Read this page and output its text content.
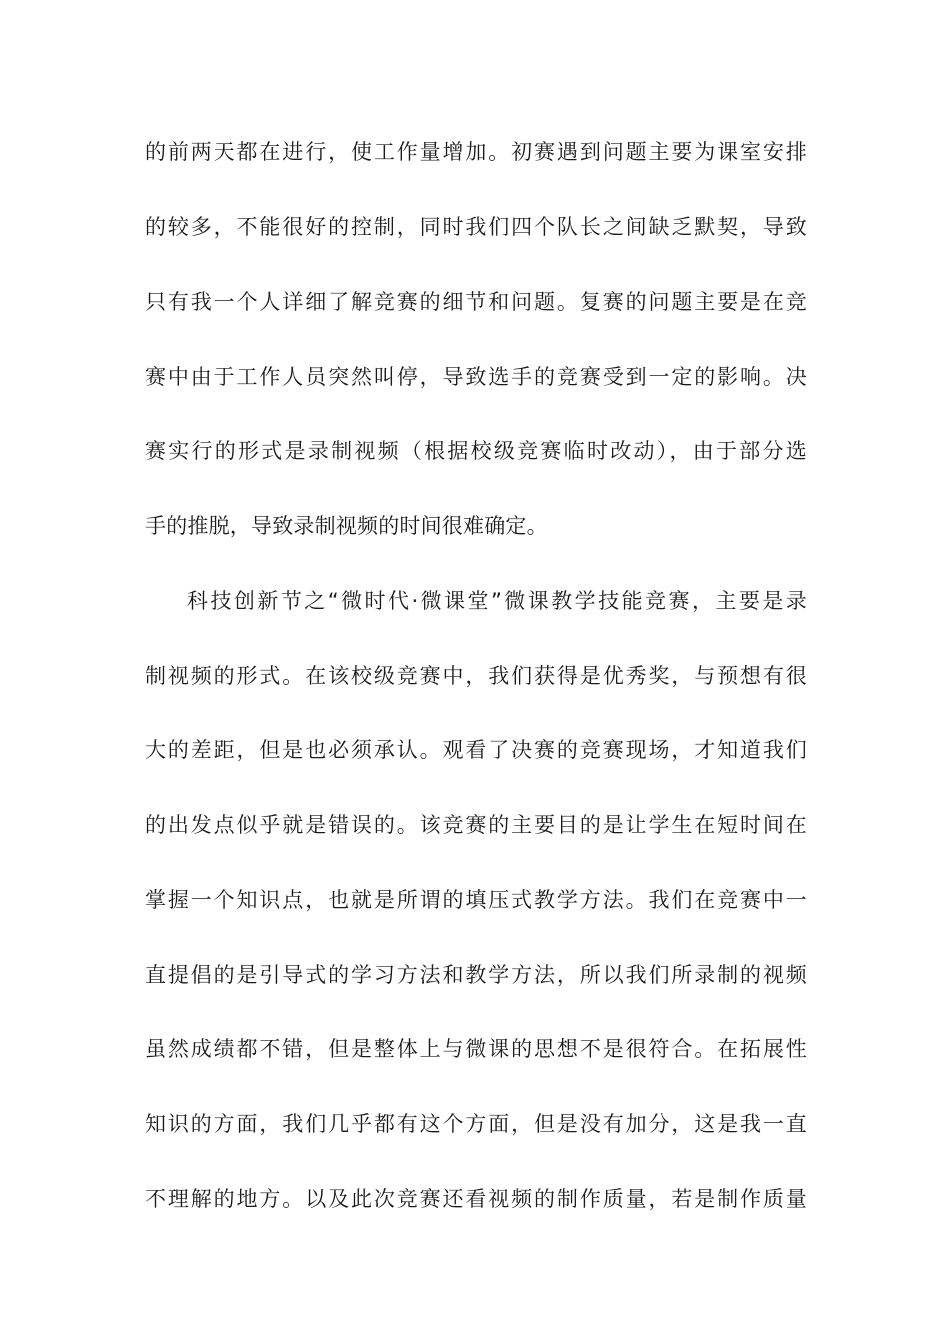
的前两天都在进行，使工作量增加。初赛遇到问题主要为课室安排
的较多，不能很好的控制，同时我们四个队长之间缺乏默契，导致
只有我一个人详细了解竞赛的细节和问题。复赛的问题主要是在竞
赛中由于工作人员突然叫停，导致选手的竞赛受到一定的影响。决
赛实行的形式是录制视频（根据校级竞赛临时改动），由于部分选
手的推脱，导致录制视频的时间很难确定。
科技创新节之“微时代·微课堂”微课教学技能竞赛，主要是录
制视频的形式。在该校级竞赛中，我们获得是优秀奖，与预想有很
大的差距，但是也必须承认。观看了决赛的竞赛现场，才知道我们
的出发点似乎就是错误的。该竞赛的主要目的是让学生在短时间在
掌握一个知识点，也就是所谓的填压式教学方法。我们在竞赛中一
直提倡的是引导式的学习方法和教学方法，所以我们所录制的视频
虽然成绩都不错，但是整体上与微课的思想不是很符合。在拓展性
知识的方面，我们几乎都有这个方面，但是没有加分，这是我一直
不理解的地方。以及此次竞赛还看视频的制作质量，若是制作质量
